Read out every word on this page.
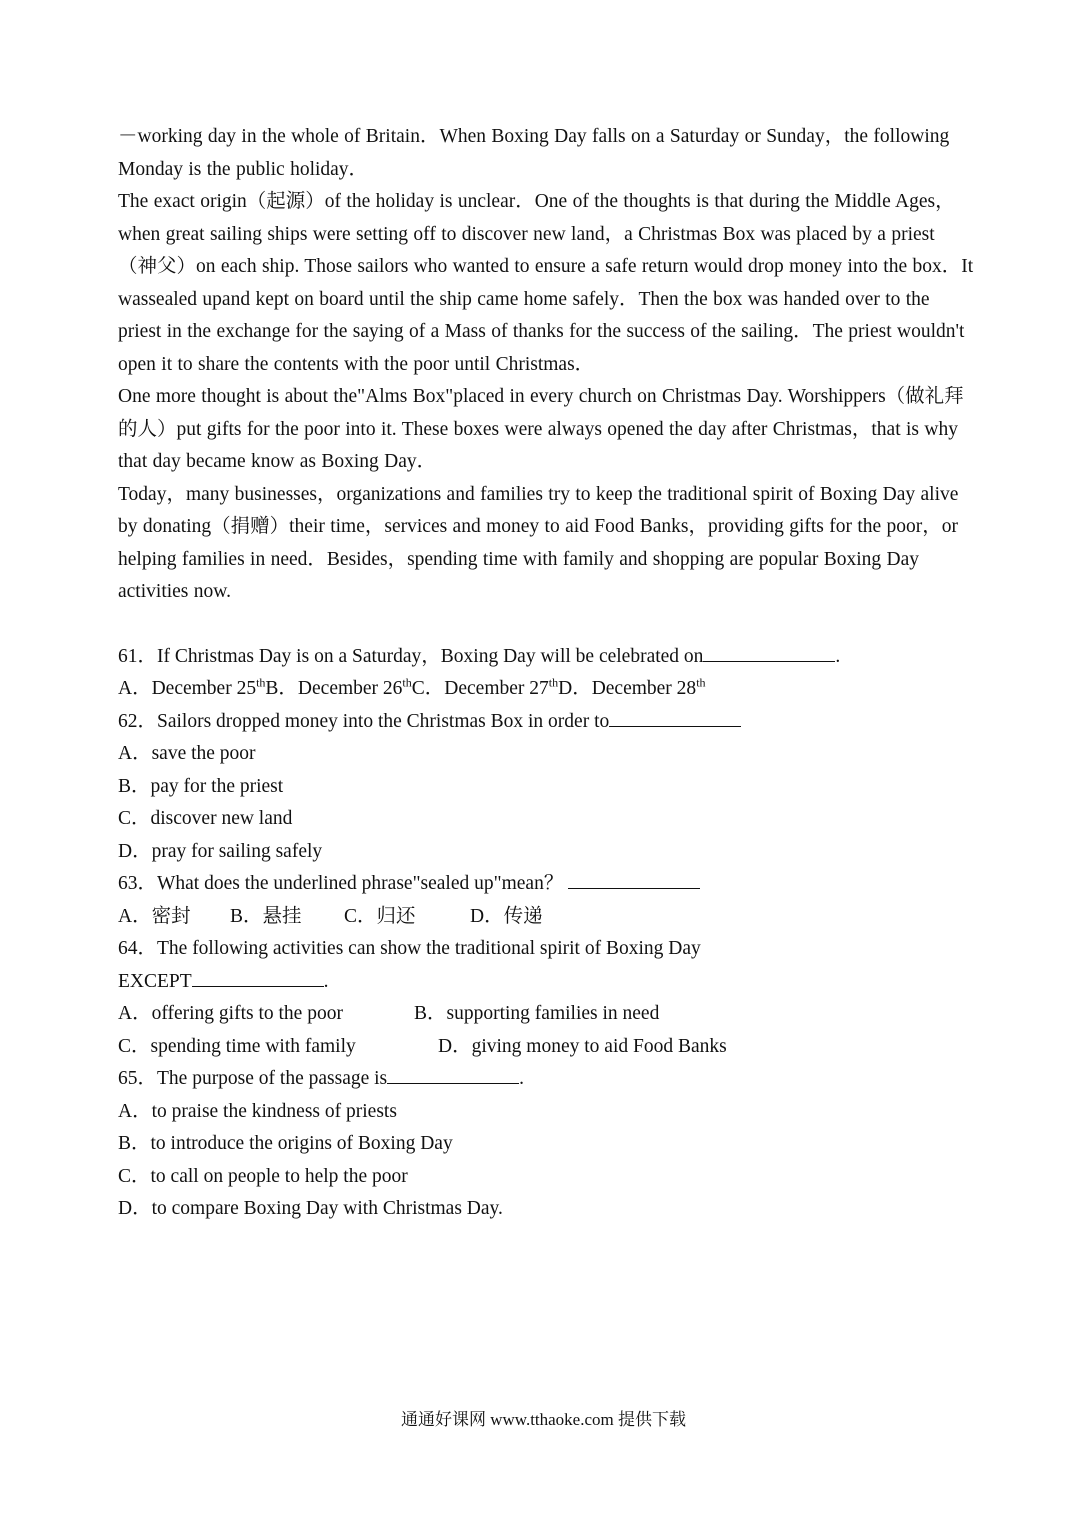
－working day in the whole of Britain．When Boxing Day falls on a Saturday or Sunday，the following Monday is the public holiday．

The exact origin（起源）of the holiday is unclear．One of the thoughts is that during the Middle Ages，when great sailing ships were setting off to discover new land，a Christmas Box was placed by a priest （神父）on each ship. Those sailors who wanted to ensure a safe return would drop money into the box．It wassealed upand kept on board until the ship came home safely．Then the box was handed over to the priest in the exchange for the saying of a Mass of thanks for the success of the sailing．The priest wouldn't open it to share the contents with the poor until Christmas．

One more thought is about the"Alms Box"placed in every church on Christmas Day. Worshippers（做礼拜的人）put gifts for the poor into it. These boxes were always opened the day after Christmas，that is why that day became know as Boxing Day．

Today，many businesses，organizations and families try to keep the traditional spirit of Boxing Day alive by donating（捐赠）their time，services and money to aid Food Banks，providing gifts for the poor，or helping families in need．Besides，spending time with family and shopping are popular Boxing Day activities now.

61．If Christmas Day is on a Saturday，Boxing Day will be celebrated on	.
A．December 25thB．December 26thC．December 27thD．December 28th
62．Sailors dropped money into the Christmas Box in order to
A．save the poor
B．pay for the priest
C．discover new land
D．pray for sailing safely
63．What does the underlined phrase"sealed up"mean？
A．密封 B．悬挂 C．归还	D．传递
64．The following activities can show the traditional spirit of Boxing Day
EXCEPT	.
A．offering gifts to the poor	B．supporting families in need
C．spending time with family	D．giving money to aid Food Banks
65．The purpose of the passage is	.
A．to praise the kindness of priests
B．to introduce the origins of Boxing Day
C．to call on people to help the poor
D．to compare Boxing Day with Christmas Day.
通通好课网 www.tthaoke.com 提供下载
